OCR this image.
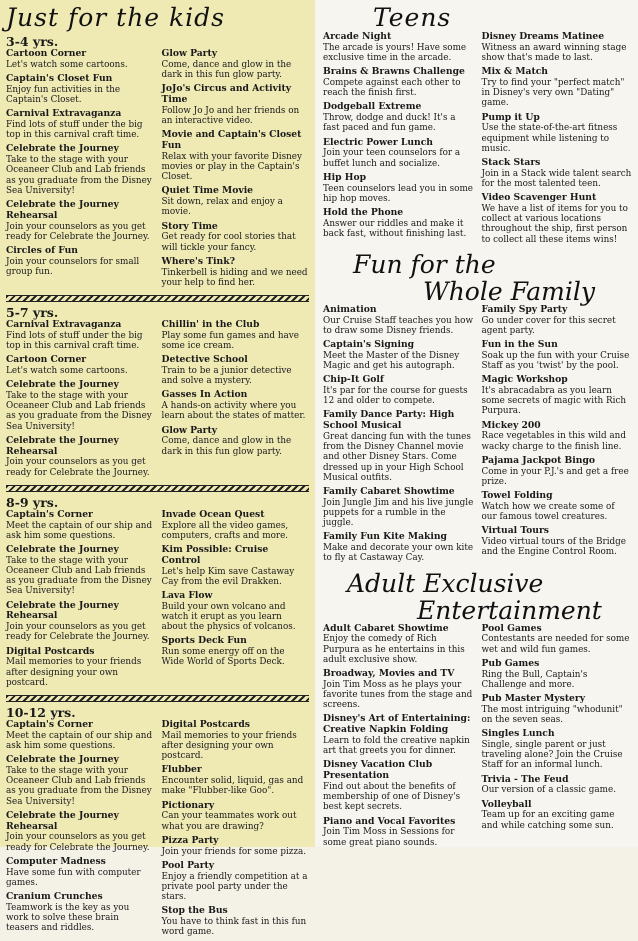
Just for the kids
3-4 yrs.
Cartoon Corner
Let's watch some cartoons.
Captain's Closet Fun
Enjoy fun activities in the Captain's Closet.
Carnival Extravaganza
Find lots of stuff under the big top in this carnival craft time.
Celebrate the Journey
Take to the stage with your Oceaneer Club and Lab friends as you graduate from the Disney Sea University!
Celebrate the Journey Rehearsal
Join your counselors as you get ready for Celebrate the Journey.
Circles of Fun
Join your counselors for small group fun.
Glow Party
Come, dance and glow in the dark in this fun glow party.
JoJo's Circus and Activity Time
Follow Jo Jo and her friends on an interactive video.
Movie and Captain's Closet Fun
Relax with your favorite Disney movies or play in the Captain's Closet.
Quiet Time Movie
Sit down, relax and enjoy a movie.
Story Time
Get ready for cool stories that will tickle your fancy.
Where's Tink?
Tinkerbell is hiding and we need your help to find her.
5-7 yrs.
Carnival Extravaganza
Find lots of stuff under the big top in this carnival craft time.
Cartoon Corner
Let's watch some cartoons.
Celebrate the Journey
Take to the stage with your Oceaneer Club and Lab friends as you graduate from the Disney Sea University!
Celebrate the Journey Rehearsal
Join your counselors as you get ready for Celebrate the Journey.
Chillin' in the Club
Play some fun games and have some ice cream.
Detective School
Train to be a junior detective and solve a mystery.
Gasses In Action
A hands-on activity where you learn about the states of matter.
Glow Party
Come, dance and glow in the dark in this fun glow party.
8-9 yrs.
Captain's Corner
Meet the captain of our ship and ask him some questions.
Celebrate the Journey
Take to the stage with your Oceaneer Club and Lab friends as you graduate from the Disney Sea University!
Celebrate the Journey Rehearsal
Join your counselors as you get ready for Celebrate the Journey.
Digital Postcards
Mail memories to your friends after designing your own postcard.
Invade Ocean Quest
Explore all the video games, computers, crafts and more.
Kim Possible: Cruise Control
Let's help Kim save Castaway Cay from the evil Drakken.
Lava Flow
Build your own volcano and watch it erupt as you learn about the physics of volcanos.
Sports Deck Fun
Run some energy off on the Wide World of Sports Deck.
10-12 yrs.
Captain's Corner
Meet the captain of our ship and ask him some questions.
Celebrate the Journey
Take to the stage with your Oceaneer Club and Lab friends as you graduate from the Disney Sea University!
Celebrate the Journey Rehearsal
Join your counselors as you get ready for Celebrate the Journey.
Computer Madness
Have some fun with computer games.
Cranium Crunches
Teamwork is the key as you work to solve these brain teasers and riddles.
Digital Postcards
Mail memories to your friends after designing your own postcard.
Flubber
Encounter solid, liquid, gas and make "Flubber-like Goo".
Pictionary
Can your teammates work out what you are drawing?
Pizza Party
Join your friends for some pizza.
Pool Party
Enjoy a friendly competition at a private pool party under the stars.
Stop the Bus
You have to think fast in this fun word game.
Teens
Arcade Night
The arcade is yours! Have some exclusive time in the arcade.
Brains & Brawns Challenge
Compete against each other to reach the finish first.
Dodgeball Extreme
Throw, dodge and duck! It's a fast paced and fun game.
Electric Power Lunch
Join your teen counselors for a buffet lunch and socialize.
Hip Hop
Teen counselors lead you in some hip hop moves.
Hold the Phone
Answer our riddles and make it back fast, without finishing last.
Disney Dreams Matinee
Witness an award winning stage show that's made to last.
Mix & Match
Try to find your "perfect match" in Disney's very own "Dating" game.
Pump it Up
Use the state-of-the-art fitness equipment while listening to music.
Stack Stars
Join in a Stack wide talent search for the most talented teen.
Video Scavenger Hunt
We have a list of items for you to collect at various locations throughout the ship, first person to collect all these items wins!
Fun for the
Whole Family
Animation
Our Cruise Staff teaches you how to draw some Disney friends.
Captain's Signing
Meet the Master of the Disney Magic and get his autograph.
Chip-It Golf
It's par for the course for guests 12 and older to compete.
Family Dance Party: High School Musical
Great dancing fun with the tunes from the Disney Channel movie and other Disney Stars. Come dressed up in your High School Musical outfits.
Family Cabaret Showtime
Join Jungle Jim and his live jungle puppets for a rumble in the juggle.
Family Fun Kite Making
Make and decorate your own kite to fly at Castaway Cay.
Family Spy Party
Go under cover for this secret agent party.
Fun in the Sun
Soak up the fun with your Cruise Staff as you 'twist' by the pool.
Magic Workshop
It's abracadabra as you learn some secrets of magic with Rich Purpura.
Mickey 200
Race vegetables in this wild and wacky charge to the finish line.
Pajama Jackpot Bingo
Come in your P.J.'s and get a free prize.
Towel Folding
Watch how we create some of our famous towel creatures.
Virtual Tours
Video virtual tours of the Bridge and the Engine Control Room.
Adult Exclusive
Entertainment
Adult Cabaret Showtime
Enjoy the comedy of Rich Purpura as he entertains in this adult exclusive show.
Broadway, Movies and TV
Join Tim Moss as he plays your favorite tunes from the stage and screens.
Disney's Art of Entertaining: Creative Napkin Folding
Learn to fold the creative napkin art that greets you for dinner.
Disney Vacation Club Presentation
Find out about the benefits of membership of one of Disney's best kept secrets.
Piano and Vocal Favorites
Join Tim Moss in Sessions for some great piano sounds.
Pool Games
Contestants are needed for some wet and wild fun games.
Pub Games
Ring the Bull, Captain's Challenge and more.
Pub Master Mystery
The most intriguing "whodunit" on the seven seas.
Singles Lunch
Single, single parent or just traveling alone? Join the Cruise Staff for an informal lunch.
Trivia - The Feud
Our version of a classic game.
Volleyball
Team up for an exciting game and while catching some sun.
